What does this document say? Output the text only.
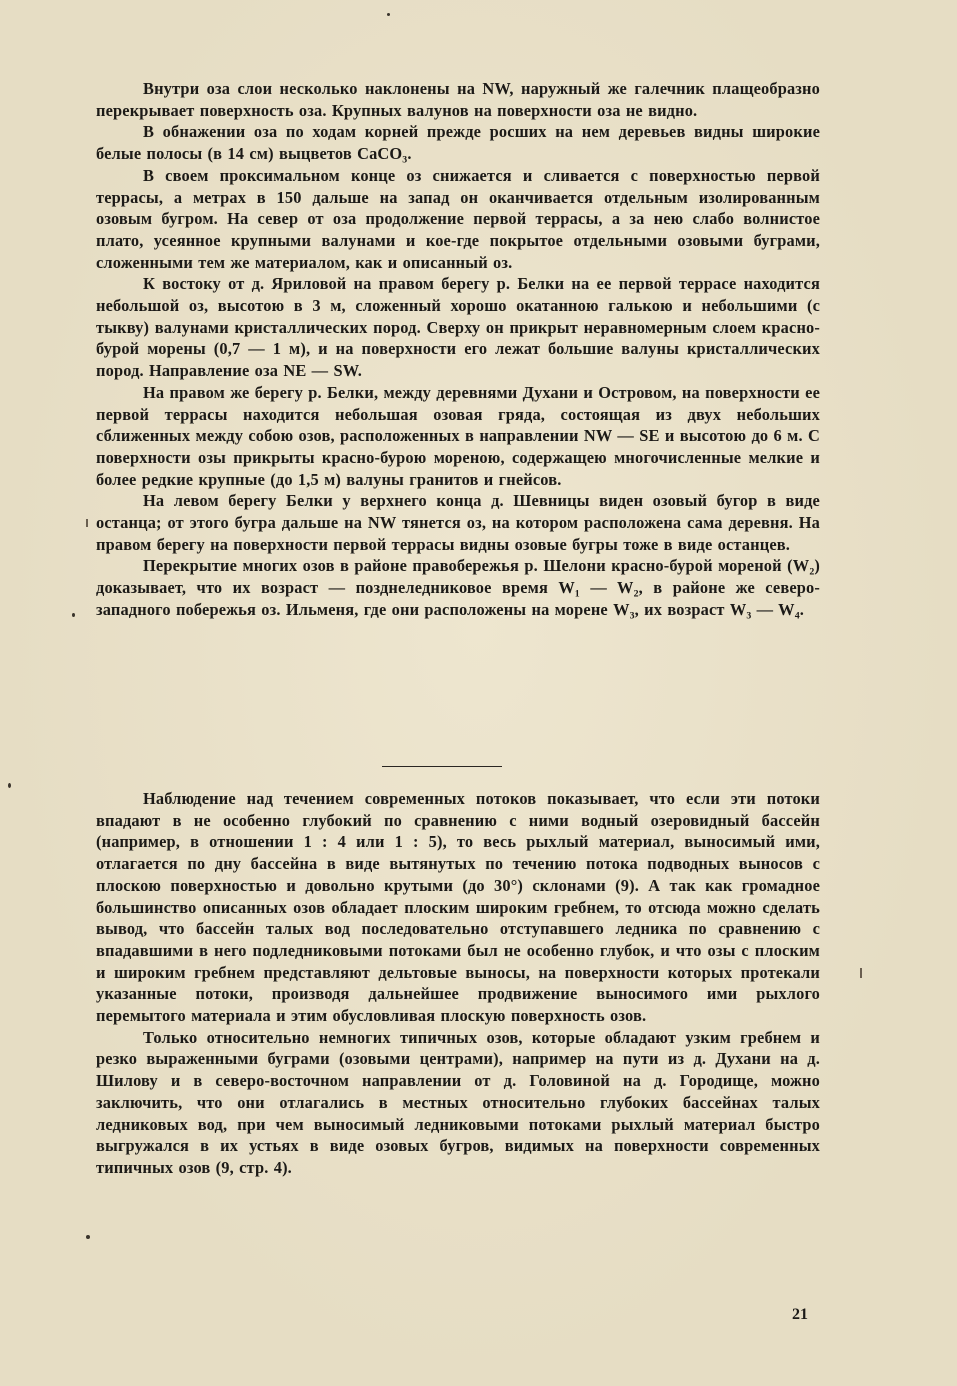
Внутри оза слои несколько наклонены на NW, наружный же галечник плащеобразно перекрывает поверхность оза. Крупных валунов на поверхности оза не видно.

В обнажении оза по ходам корней прежде росших на нем деревьев видны широкие белые полосы (в 14 см) выцветов CaCO₃.

В своем проксимальном конце оз снижается и сливается с поверхностью первой террасы, а метрах в 150 дальше на запад он оканчивается отдельным изолированным озовым бугром. На север от оза продолжение первой террасы, а за нею слабо волнистое плато, усеянное крупными валунами и кое-где покрытое отдельными озовыми буграми, сложенными тем же материалом, как и описанный оз.

К востоку от д. Яриловой на правом берегу р. Белки на ее первой террасе находится небольшой оз, высотою в 3 м, сложенный хорошо окатанною галькою и небольшими (с тыкву) валунами кристаллических пород. Сверху он прикрыт неравномерным слоем красно-бурой морены (0,7 — 1 м), и на поверхности его лежат большие валуны кристаллических пород. Направление оза NE — SW.

На правом же берегу р. Белки, между деревнями Духани и Островом, на поверхности ее первой террасы находится небольшая озовая гряда, состоящая из двух небольших сближенных между собою озов, расположенных в направлении NW — SE и высотою до 6 м. С поверхности озы прикрыты красно-бурою мореною, содержащею многочисленные мелкие и более редкие крупные (до 1,5 м) валуны гранитов и гнейсов.

На левом берегу Белки у верхнего конца д. Шевницы виден озовый бугор в виде останца; от этого бугра дальше на NW тянется оз, на котором расположена сама деревня. На правом берегу на поверхности первой террасы видны озовые бугры тоже в виде останцев.

Перекрытие многих озов в районе правобережья р. Шелони красно-бурой мореной (W₂) доказывает, что их возраст — позднеледниковое время W₁ — W₂, в районе же северо-западного побережья оз. Ильменя, где они расположены на морене W₃, их возраст W₃ — W₄.

Наблюдение над течением современных потоков показывает, что если эти потоки впадают в не особенно глубокий по сравнению с ними водный озеровидный бассейн (например, в отношении 1 : 4 или 1 : 5), то весь рыхлый материал, выносимый ими, отлагается по дну бассейна в виде вытянутых по течению потока подводных выносов с плоскою поверхностью и довольно крутыми (до 30°) склонами (9). А так как громадное большинство описанных озов обладает плоским широким гребнем, то отсюда можно сделать вывод, что бассейн талых вод последовательно отступавшего ледника по сравнению с впадавшими в него подледниковыми потоками был не особенно глубок, и что озы с плоским и широким гребнем представляют дельтовые выносы, на поверхности которых протекали указанные потоки, производя дальнейшее продвижение выносимого ими рыхлого перемытого материала и этим обусловливая плоскую поверхность озов.

Только относительно немногих типичных озов, которые обладают узким гребнем и резко выраженными буграми (озовыми центрами), например на пути из д. Духани на д. Шилову и в северо-восточном направлении от д. Головиной на д. Городище, можно заключить, что они отлагались в местных относительно глубоких бассейнах талых ледниковых вод, при чем выносимый ледниковыми потоками рыхлый материал быстро выгружался в их устьях в виде озовых бугров, видимых на поверхности современных типичных озов (9, стр. 4).

21
